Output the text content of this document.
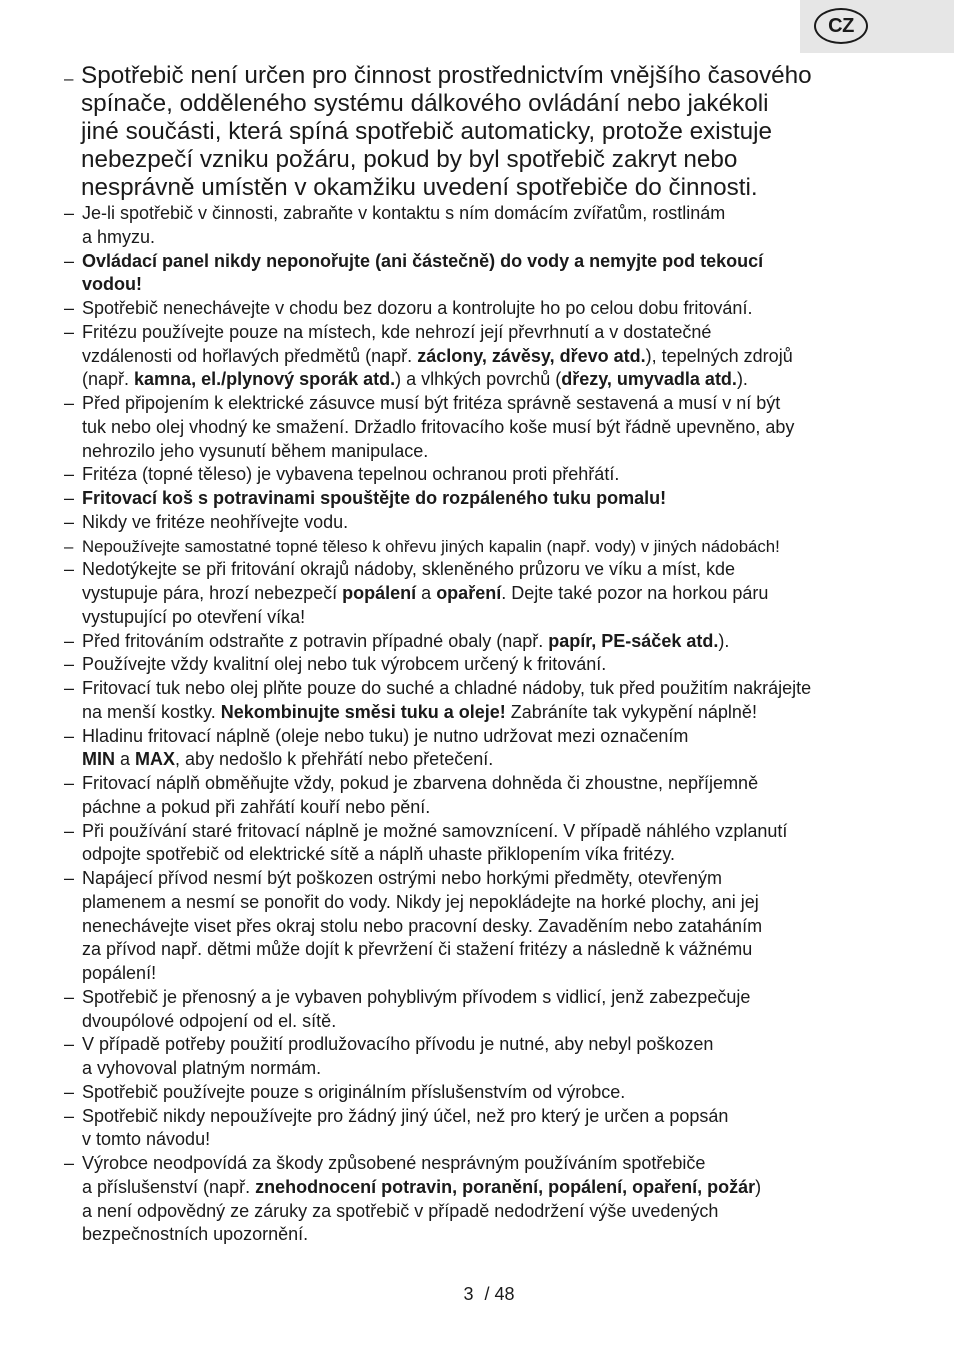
CZ
– Spotřebič není určen pro činnost prostřednictvím vnějšího časového
spínače, odděleného systému dálkového ovládání nebo jakékoli
jiné součásti, která spíná spotřebič automaticky, protože existuje
nebezpečí vzniku požáru, pokud by byl spotřebič zakryt nebo
nesprávně umístěn v okamžiku uvedení spotřebiče do činnosti.
– Je-li spotřebič v činnosti, zabraňte v kontaktu s ním domácím zvířatům, rostlinám
a hmyzu.
– Ovládací panel nikdy neponořujte (ani částečně) do vody a nemyjte pod tekoucí
vodou!
– Spotřebič nenechávejte v chodu bez dozoru a kontrolujte ho po celou dobu fritování.
– Fritézu používejte pouze na místech, kde nehrozí její převrhnutí a v dostatečné
vzdálenosti od hořlavých předmětů (např. záclony, závěsy, dřevo atd.), tepelných zdrojů
(např. kamna, el./plynový sporák atd.) a vlhkých povrchů (dřezy, umyvadla atd.).
– Před připojením k elektrické zásuvce musí být fritéza správně sestavená a musí v ní být
tuk nebo olej vhodný ke smažení. Držadlo fritovacího koše musí být řádně upevněno, aby
nehrozilo jeho vysunutí během manipulace.
– Fritéza (topné těleso) je vybavena tepelnou ochranou proti přehřátí.
– Fritovací koš s potravinami spouštějte do rozpáleného tuku pomalu!
– Nikdy ve fritéze neohřívejte vodu.
– Nepoužívejte samostatné topné těleso k ohřevu jiných kapalin (např. vody) v jiných nádobách!
– Nedotýkejte se při fritování okrajů nádoby, skleněného průzoru ve víku a míst, kde
vystupuje pára, hrozí nebezpečí popálení a opaření. Dejte také pozor na horkou páru
vystupující po otevření víka!
– Před fritováním odstraňte z potravin případné obaly (např. papír, PE-sáček atd.).
– Používejte vždy kvalitní olej nebo tuk výrobcem určený k fritování.
– Fritovací tuk nebo olej plňte pouze do suché a chladné nádoby, tuk před použitím nakrájejte
na menší kostky. Nekombinujte směsi tuku a oleje! Zabráníte tak vykypění náplně!
– Hladinu fritovací náplně (oleje nebo tuku) je nutno udržovat mezi označením
MIN a MAX, aby nedošlo k přehřátí nebo přetečení.
– Fritovací náplň obměňujte vždy, pokud je zbarvena dohněda či zhoustne, nepříjemně
páchne a pokud při zahřátí kouří nebo pění.
– Při používání staré fritovací náplně je možné samovznícení. V případě náhlého vzplanutí
odpojte spotřebič od elektrické sítě a náplň uhaste přiklopením víka fritézy.
– Napájecí přívod nesmí být poškozen ostrými nebo horkými předměty, otevřeným
plamenem a nesmí se ponořit do vody. Nikdy jej nepokládejte na horké plochy, ani jej
nenechávejte viset přes okraj stolu nebo pracovní desky. Zavaděním nebo zataháním
za přívod např. dětmi může dojít k převržení či stažení fritézy a následně k vážnému
popálení!
– Spotřebič je přenosný a je vybaven pohyblivým přívodem s vidlicí, jenž zabezpečuje
dvoupólové odpojení od el. sítě.
– V případě potřeby použití prodlužovacího přívodu je nutné, aby nebyl poškozen
a vyhovoval platným normám.
– Spotřebič používejte pouze s originálním příslušenstvím od výrobce.
– Spotřebič nikdy nepoužívejte pro žádný jiný účel, než pro který je určen a popsán
v tomto návodu!
– Výrobce neodpovídá za škody způsobené nesprávným používáním spotřebiče
a příslušenství (např. znehodnocení potravin, poranění, popálení, opaření, požár)
a není odpovědný ze záruky za spotřebič v případě nedodržení výše uvedených
bezpečnostních upozornění.
3 / 48
